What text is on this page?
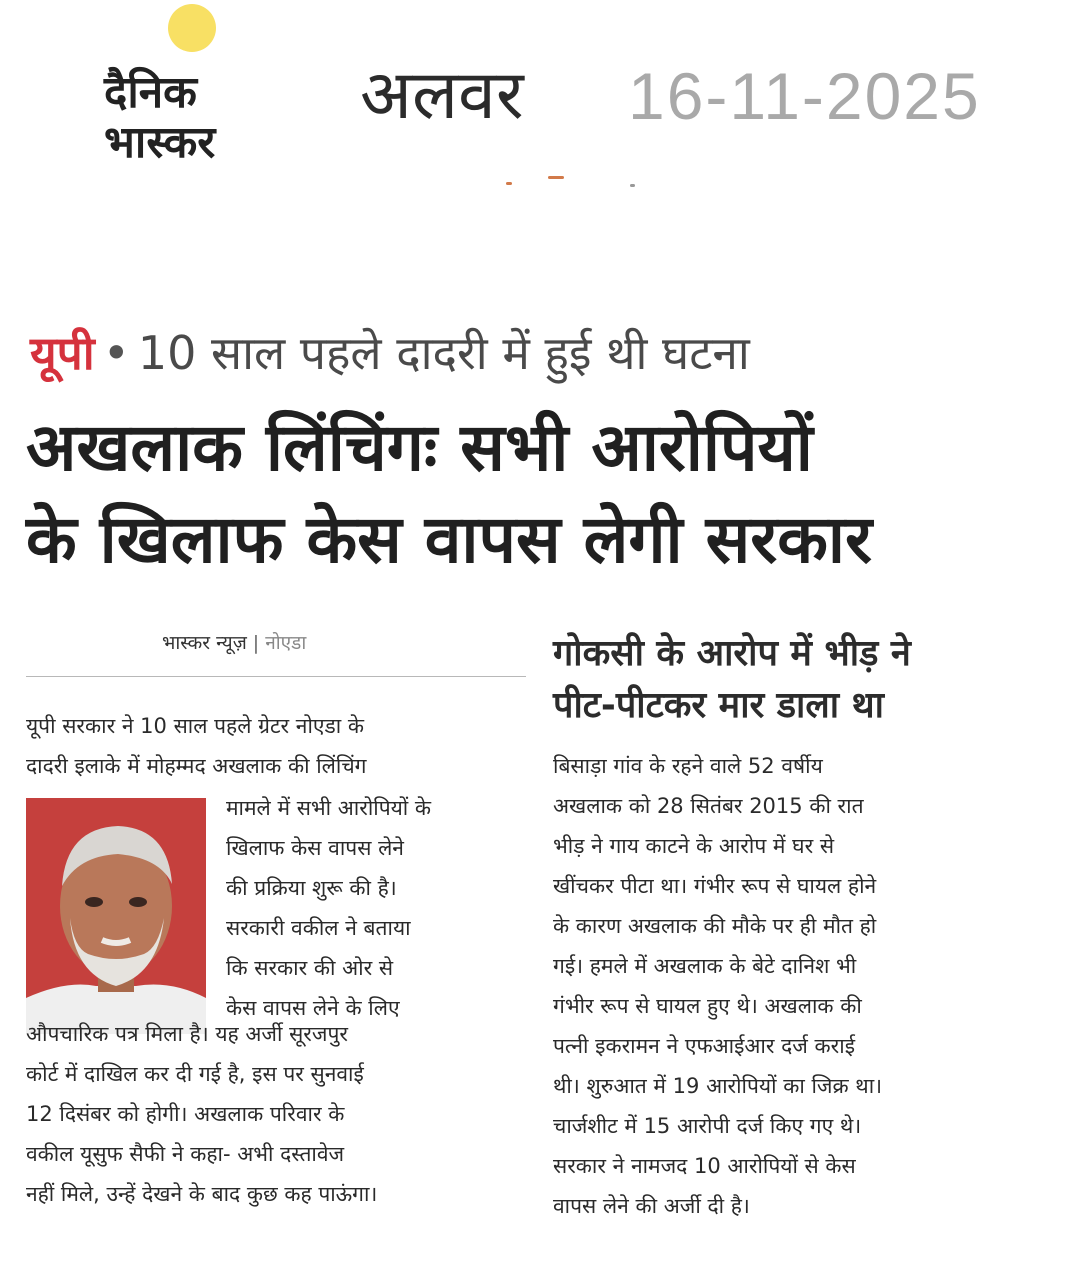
दैनिक
भास्कर
अलवर 16-11-2025
यूपी • 10 साल पहले दादरी में हुई थी घटना
अखलाक लिंचिंगः सभी आरोपियों
के खिलाफ केस वापस लेगी सरकार
भास्कर न्यूज़ | नोएडा
यूपी सरकार ने 10 साल पहले ग्रेटर नोएडा के
दादरी इलाके में मोहम्मद अखलाक की लिंचिंग
मामले में सभी आरोपियों के
खिलाफ केस वापस लेने
की प्रक्रिया शुरू की है।
सरकारी वकील ने बताया
कि सरकार की ओर से
केस वापस लेने के लिए
औपचारिक पत्र मिला है। यह अर्जी सूरजपुर
कोर्ट में दाखिल कर दी गई है, इस पर सुनवाई
12 दिसंबर को होगी। अखलाक परिवार के
वकील यूसुफ सैफी ने कहा- अभी दस्तावेज
नहीं मिले, उन्हें देखने के बाद कुछ कह पाऊंगा।
गोकसी के आरोप में भीड़ ने
पीट-पीटकर मार डाला था
बिसाड़ा गांव के रहने वाले 52 वर्षीय
अखलाक को 28 सितंबर 2015 की रात
भीड़ ने गाय काटने के आरोप में घर से
खींचकर पीटा था। गंभीर रूप से घायल होने
के कारण अखलाक की मौके पर ही मौत हो
गई। हमले में अखलाक के बेटे दानिश भी
गंभीर रूप से घायल हुए थे। अखलाक की
पत्नी इकरामन ने एफआईआर दर्ज कराई
थी। शुरुआत में 19 आरोपियों का जिक्र था।
चार्जशीट में 15 आरोपी दर्ज किए गए थे।
सरकार ने नामजद 10 आरोपियों से केस
वापस लेने की अर्जी दी है।
